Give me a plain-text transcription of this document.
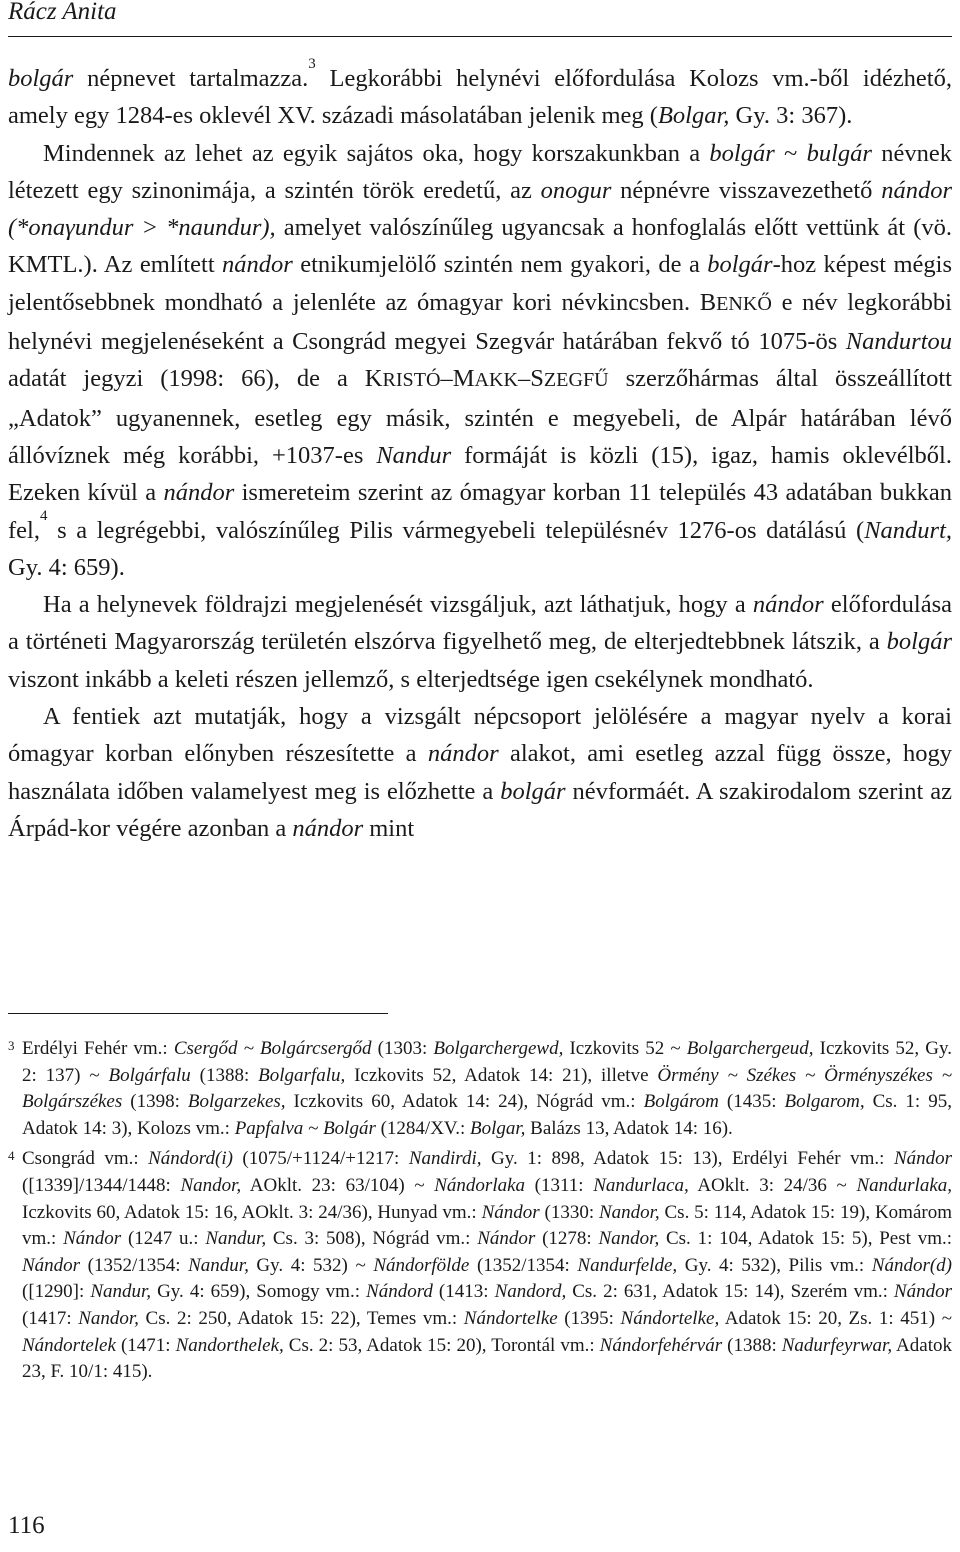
Rácz Anita

bolgár népnevet tartalmazza.$^3$ Legkorábbi helynévi előfordulása Kolozs vm.-ből idézhető, amely egy 1284-es oklevél XV. századi másolatában jelenik meg (Bolgar, Gy. 3: 367).

Mindennek az lehet az egyik sajátos oka, hogy korszakunkban a bolgár ~ bulgár névnek létezett egy szinonimája, a szintén török eredetű, az onogur népnévre visszavezethető nándor (*onaγundur > *naundur), amelyet valószínűleg ugyancsak a honfoglalás előtt vettünk át (vö. KMTL.). Az említett nándor etnikumjelölő szintén nem gyakori, de a bolgár-hoz képest mégis jelentősebbnek mondható a jelenléte az ómagyar kori névkincsben. BENKŐ e név legkorábbi helynévi megjelenéseként a Csongrád megyei Szegvár határában fekvő tó 1075-ös Nandurtou adatát jegyzi (1998: 66), de a KRISTÓ–MAKK–SZEGFŰ szerzőhármas által összeállított „Adatok” ugyanennek, esetleg egy másik, szintén e megyebeli, de Alpár határában lévő állóvíznek még korábbi, +1037-es Nandur formáját is közli (15), igaz, hamis oklevélből. Ezeken kívül a nándor ismereteim szerint az ómagyar korban 11 település 43 adatában bukkan fel,$^4$ s a legrégebbi, valószínűleg Pilis vármegyebeli településnév 1276-os datálású (Nandurt, Gy. 4: 659).

Ha a helynevek földrajzi megjelenését vizsgáljuk, azt láthatjuk, hogy a nándor előfordulása a történeti Magyarország területén elszórva figyelhető meg, de elterjedtebbnek látszik, a bolgár viszont inkább a keleti részen jellemző, s elterjedtsége igen csekélynek mondható.

A fentiek azt mutatják, hogy a vizsgált népcsoport jelölésére a magyar nyelv a korai ómagyar korban előnyben részesítette a nándor alakot, ami esetleg azzal függ össze, hogy használata időben valamelyest meg is előzhette a bolgár névformáét. A szakirodalom szerint az Árpád-kor végére azonban a nándor mint

3 Erdélyi Fehér vm.: Csergőd ~ Bolgárcsergőd (1303: Bolgarchergewd, Iczkovits 52 ~ Bolgarchergeud, Iczkovits 52, Gy. 2: 137) ~ Bolgárfalu (1388: Bolgarfalu, Iczkovits 52, Adatok 14: 21), illetve Örmény ~ Székes ~ Örményszékes ~ Bolgárszékes (1398: Bolgarzekes, Iczkovits 60, Adatok 14: 24), Nógrád vm.: Bolgárom (1435: Bolgarom, Cs. 1: 95, Adatok 14: 3), Kolozs vm.: Papfalva ~ Bolgár (1284/XV.: Bolgar, Balázs 13, Adatok 14: 16).
4 Csongrád vm.: Nándord(i) (1075/+1124/+1217: Nandirdi, Gy. 1: 898, Adatok 15: 13), Erdélyi Fehér vm.: Nándor ([1339]/1344/1448: Nandor, AOklt. 23: 63/104) ~ Nándorlaka (1311: Nandurlaca, AOklt. 3: 24/36 ~ Nandurlaka, Iczkovits 60, Adatok 15: 16, AOklt. 3: 24/36), Hunyad vm.: Nándor (1330: Nandor, Cs. 5: 114, Adatok 15: 19), Komárom vm.: Nándor (1247 u.: Nandur, Cs. 3: 508), Nógrád vm.: Nándor (1278: Nandor, Cs. 1: 104, Adatok 15: 5), Pest vm.: Nándor (1352/1354: Nandur, Gy. 4: 532) ~ Nándorfölde (1352/1354: Nandurfelde, Gy. 4: 532), Pilis vm.: Nándor(d) ([1290]: Nandur, Gy. 4: 659), Somogy vm.: Nándord (1413: Nandord, Cs. 2: 631, Adatok 15: 14), Szerém vm.: Nándor (1417: Nandor, Cs. 2: 250, Adatok 15: 22), Temes vm.: Nándortelke (1395: Nándortelke, Adatok 15: 20, Zs. 1: 451) ~ Nándortelek (1471: Nandorthelek, Cs. 2: 53, Adatok 15: 20), Torontál vm.: Nándorfehérvár (1388: Nadurfeyrwar, Adatok 23, F. 10/1: 415).
116
